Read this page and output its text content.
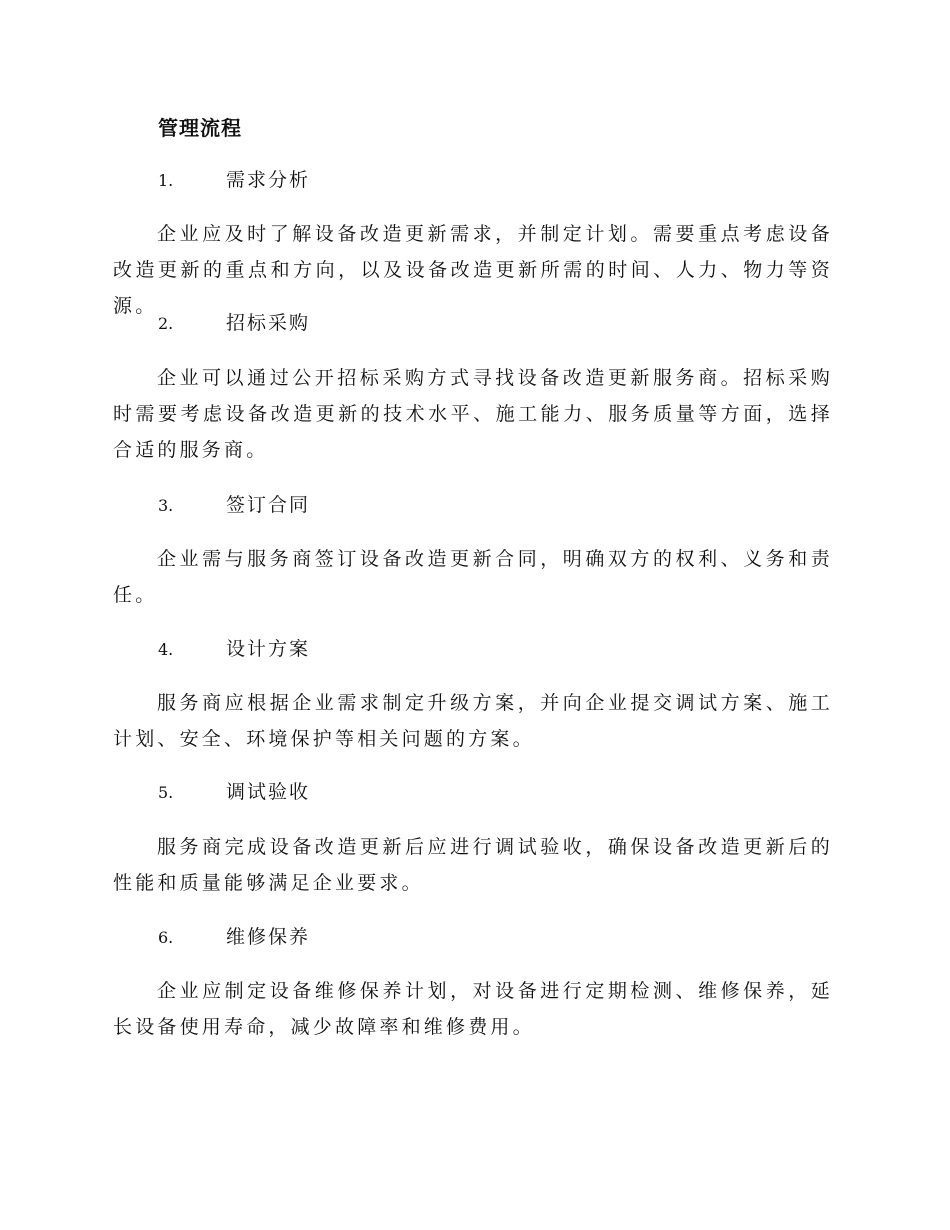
管理流程
1.	需求分析
企业应及时了解设备改造更新需求，并制定计划。需要重点考虑设备改造更新的重点和方向，以及设备改造更新所需的时间、人力、物力等资源。
2.	招标采购
企业可以通过公开招标采购方式寻找设备改造更新服务商。招标采购时需要考虑设备改造更新的技术水平、施工能力、服务质量等方面，选择合适的服务商。
3.	签订合同
企业需与服务商签订设备改造更新合同，明确双方的权利、义务和责任。
4.	设计方案
服务商应根据企业需求制定升级方案，并向企业提交调试方案、施工计划、安全、环境保护等相关问题的方案。
5.	调试验收
服务商完成设备改造更新后应进行调试验收，确保设备改造更新后的性能和质量能够满足企业要求。
6.	维修保养
企业应制定设备维修保养计划，对设备进行定期检测、维修保养，延长设备使用寿命，减少故障率和维修费用。
